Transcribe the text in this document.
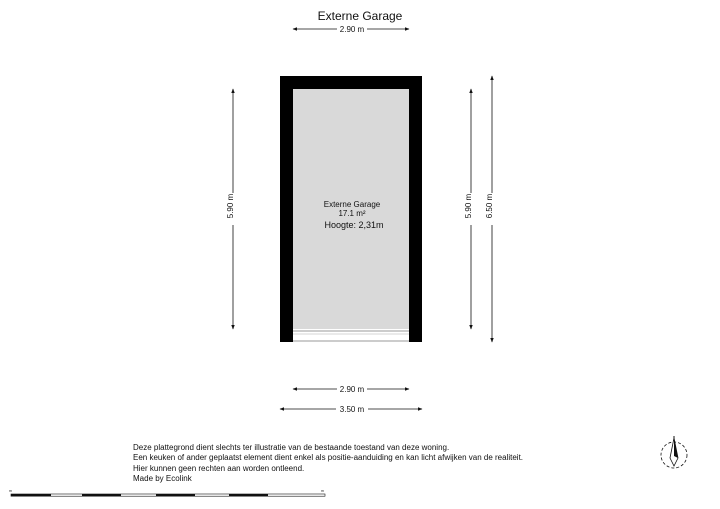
Externe Garage
Externe Garage
17.1 m²
Hoogte: 2,31m
2.90 m
2.90 m
3.50 m
5.90 m	5.90 m 6.50 m
m	m
Deze plattegrond dient slechts ter illustratie van de bestaande toestand van deze woning.
Een keuken of ander geplaatst element dient enkel als positie-aanduiding en kan licht afwijken van de realiteit.
Hier kunnen geen rechten aan worden ontleend.
Made by Ecolink
